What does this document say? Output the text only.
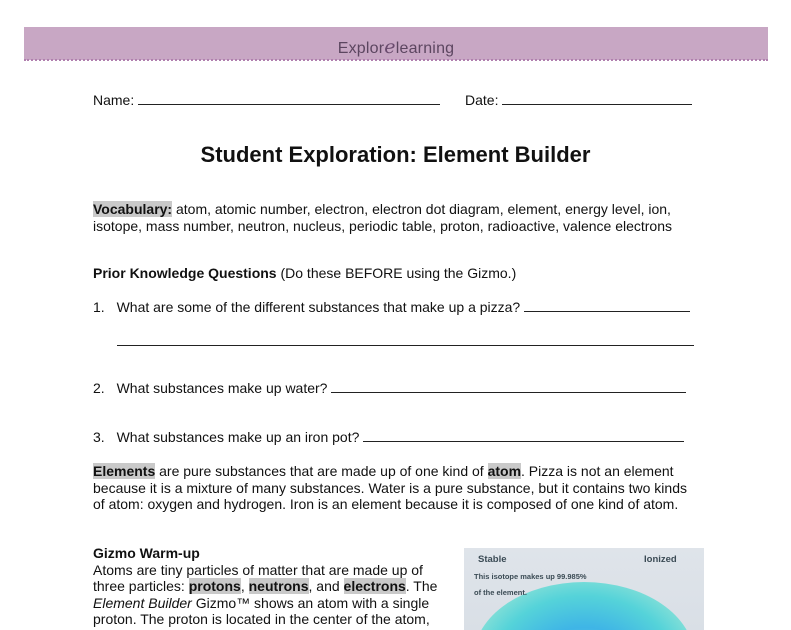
Explorelearning
Name:	Date:
Student Exploration: Element Builder
Vocabulary: atom, atomic number, electron, electron dot diagram, element, energy level, ion,
isotope, mass number, neutron, nucleus, periodic table, proton, radioactive, valence electrons
Prior Knowledge Questions (Do these BEFORE using the Gizmo.)
1. What are some of the different substances that make up a pizza?
2. What substances make up water?
3. What substances make up an iron pot?
Elements are pure substances that are made up of one kind of atom. Pizza is not an element
because it is a mixture of many substances. Water is a pure substance, but it contains two kinds
of atom: oxygen and hydrogen. Iron is an element because it is composed of one kind of atom.
Gizmo Warm-up
Atoms are tiny particles of matter that are made up of
three particles: protons, neutrons, and electrons. The
Element Builder Gizmo™ shows an atom with a single
proton. The proton is located in the center of the atom,
Stable	Ionized
This isotope makes up 99.985%
of the element.
